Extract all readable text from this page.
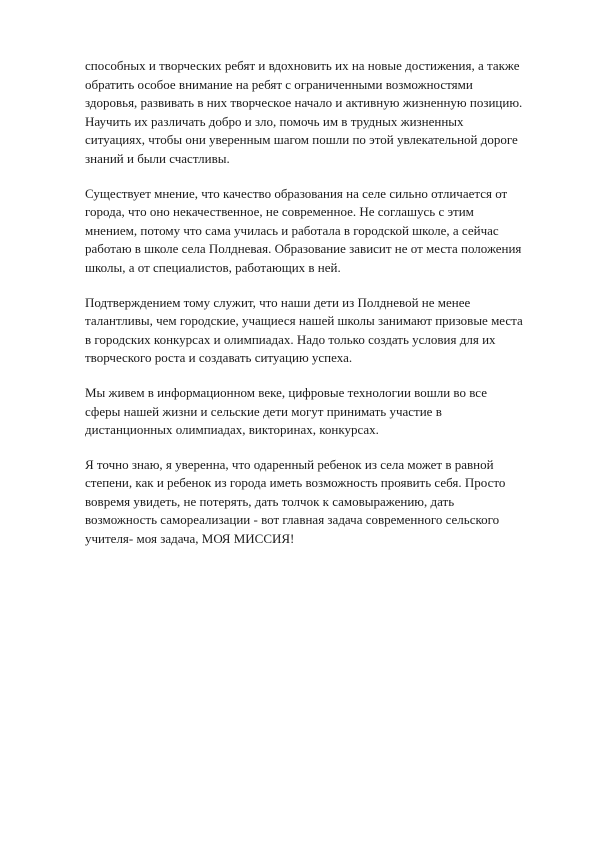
способных и творческих ребят и вдохновить их на новые достижения, а также
обратить особое внимание на ребят с ограниченными возможностями
здоровья, развивать в них творческое начало и активную жизненную позицию.
Научить их различать добро и зло, помочь им в трудных жизненных
ситуациях, чтобы они уверенным шагом пошли по этой увлекательной дороге
знаний и были счастливы.

Существует мнение, что качество образования на селе сильно отличается от
города, что оно некачественное, не современное. Не соглашусь с этим
мнением, потому что сама училась и работала в городской школе, а сейчас
работаю в школе села Полдневая. Образование зависит не от места положения
школы, а от специалистов, работающих в ней.

Подтверждением тому служит, что наши дети из Полдневой не менее
талантливы, чем городские, учащиеся нашей школы занимают призовые места
в городских конкурсах и олимпиадах. Надо только создать условия для их
творческого роста и создавать ситуацию успеха.

Мы живем в информационном веке, цифровые технологии вошли во все
сферы нашей жизни и сельские дети могут принимать участие в
дистанционных олимпиадах, викторинах, конкурсах.

Я точно знаю, я уверенна, что одаренный ребенок из села может в равной
степени, как и ребенок из города иметь возможность проявить себя. Просто
вовремя увидеть, не потерять, дать толчок к самовыражению, дать
возможность самореализации - вот главная задача современного сельского
учителя- моя задача, МОЯ МИССИЯ!
